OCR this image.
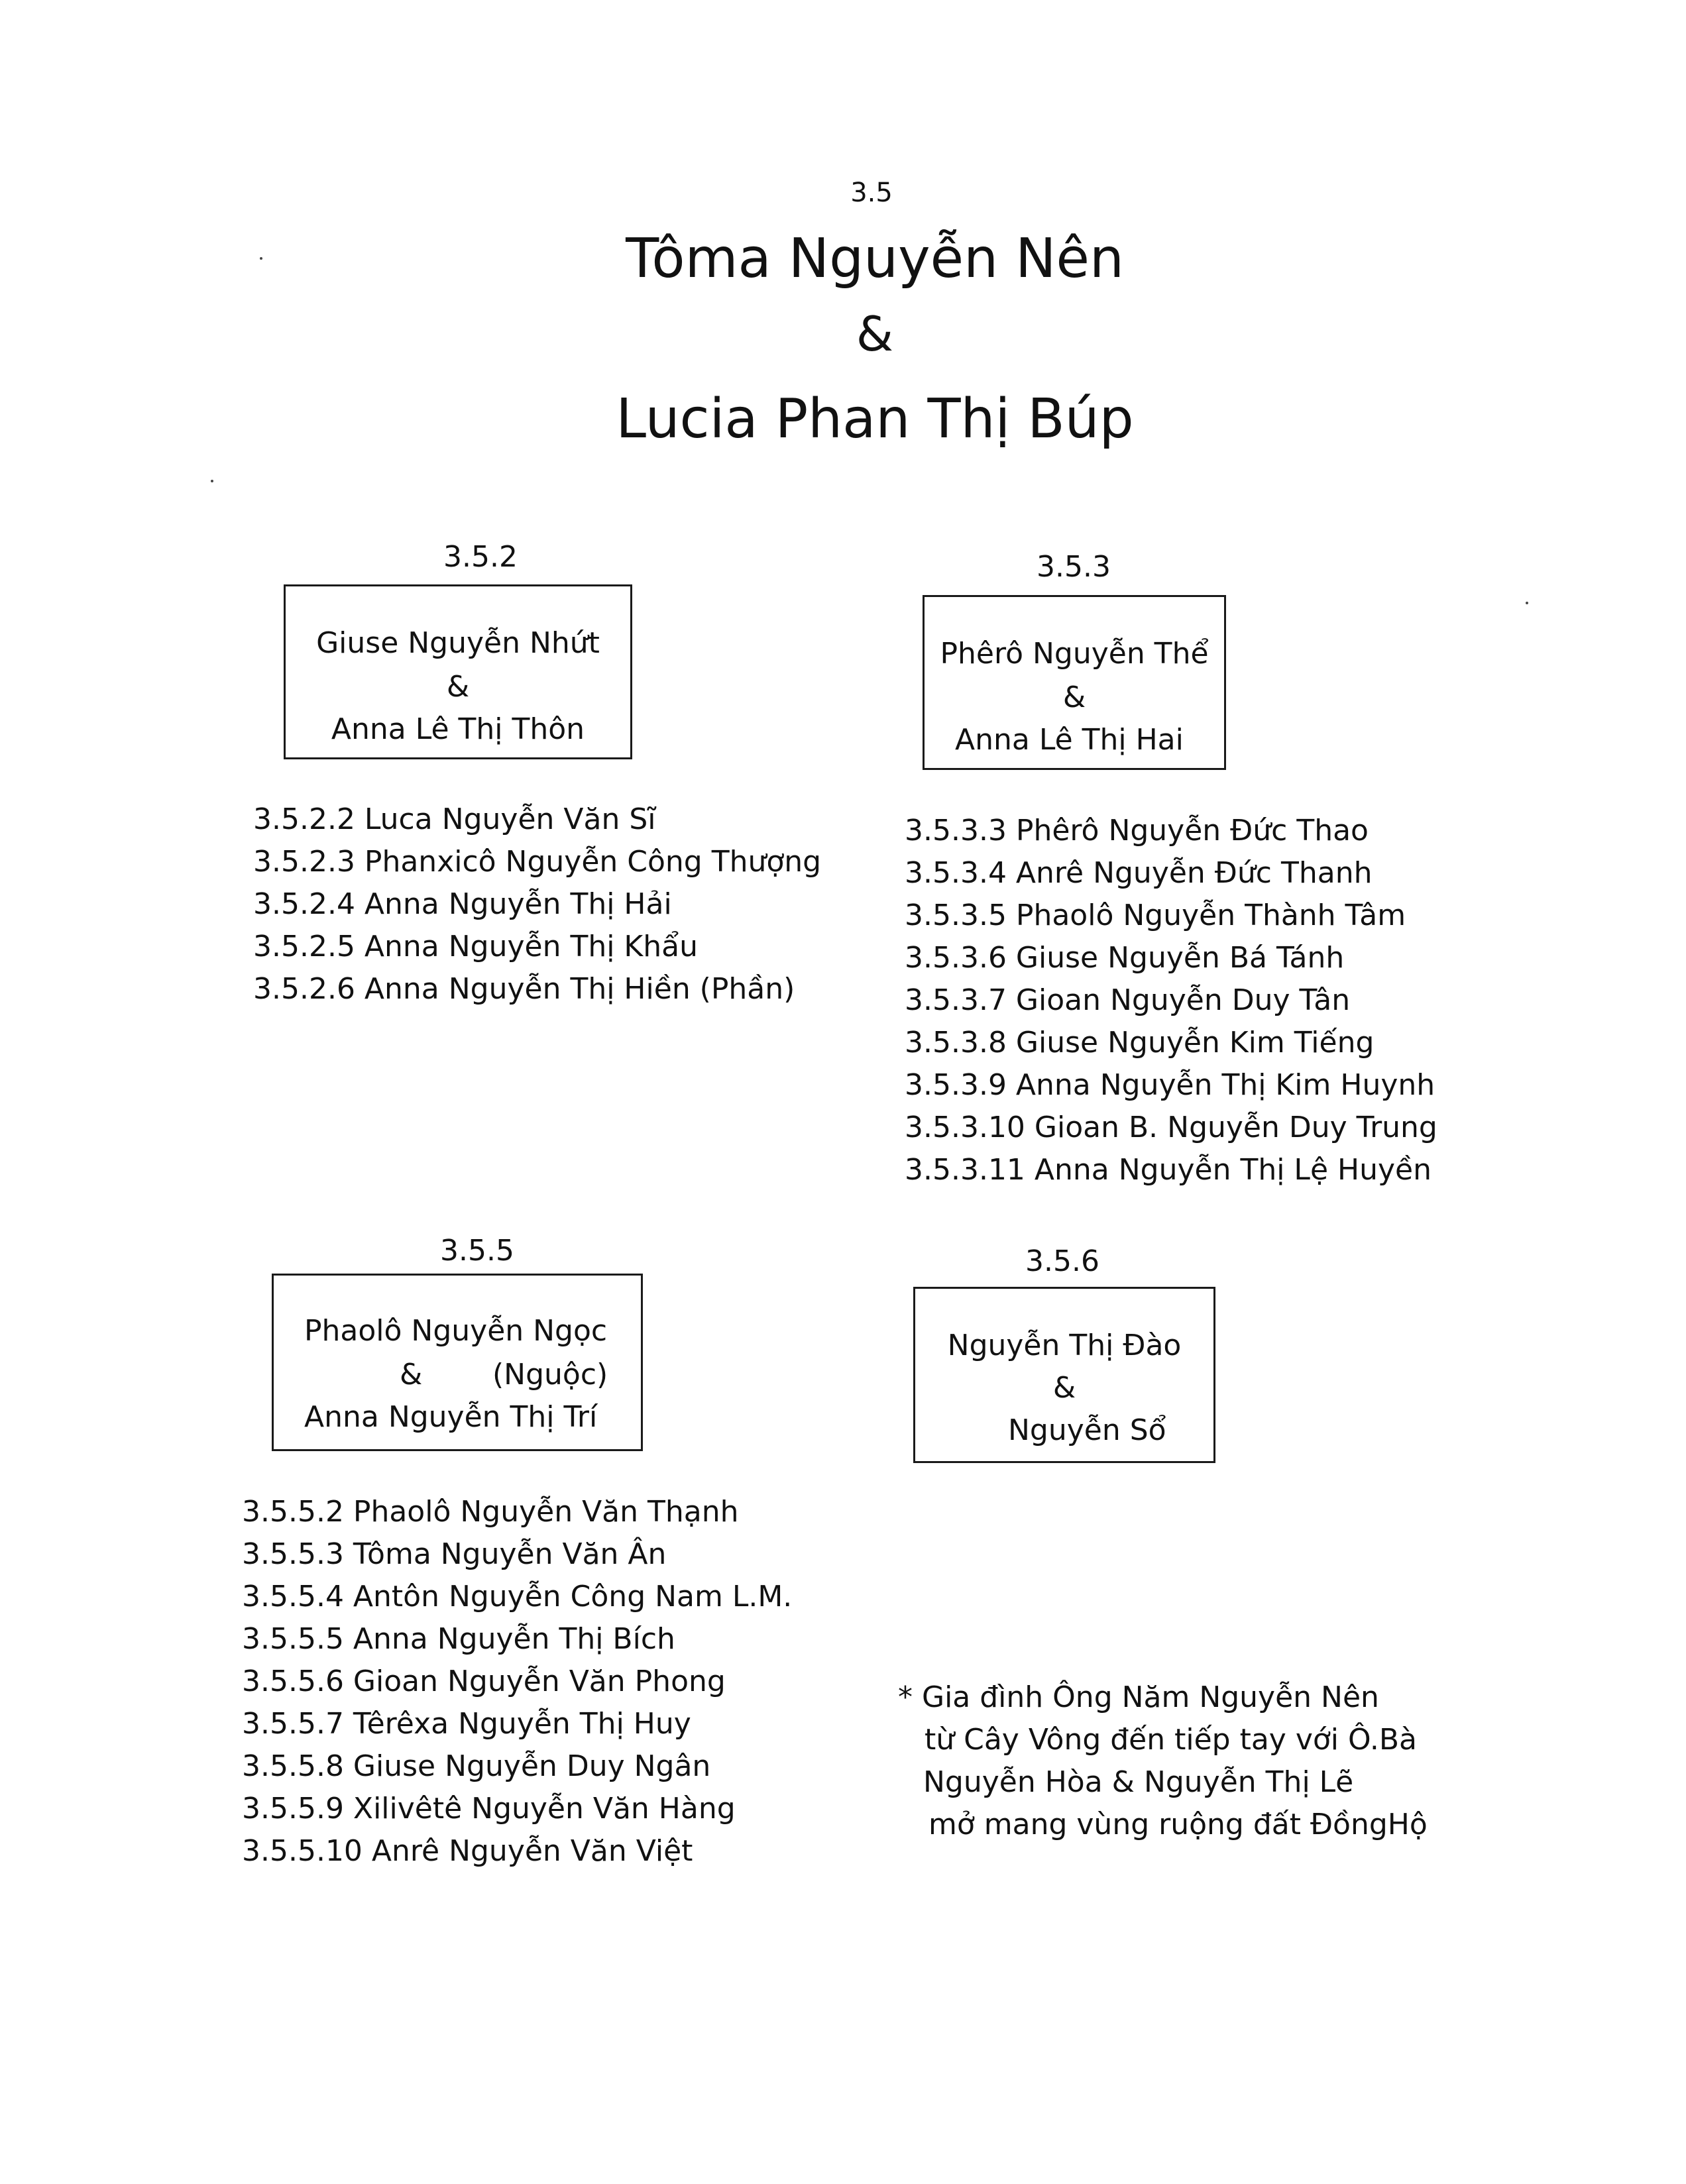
3.5
Tôma Nguyễn Nên
&
Lucia Phan Thị Búp
3.5.2
Giuse Nguyễn Nhứt
&
Anna Lê Thị Thôn
3.5.2.2 Luca Nguyễn Văn Sĩ
3.5.2.3 Phanxicô Nguyễn Công Thượng
3.5.2.4 Anna Nguyễn Thị Hải
3.5.2.5 Anna Nguyễn Thị Khẩu
3.5.2.6 Anna Nguyễn Thị Hiền (Phần)
3.5.3
Phêrô Nguyễn Thể
&
Anna Lê Thị Hai
3.5.3.3 Phêrô Nguyễn Đức Thao
3.5.3.4 Anrê Nguyễn Đức Thanh
3.5.3.5 Phaolô Nguyễn Thành Tâm
3.5.3.6 Giuse Nguyễn Bá Tánh
3.5.3.7 Gioan Nguyễn Duy Tân
3.5.3.8 Giuse Nguyễn Kim Tiếng
3.5.3.9 Anna Nguyễn Thị Kim Huynh
3.5.3.10 Gioan B. Nguyễn Duy Trung
3.5.3.11 Anna Nguyễn Thị Lệ Huyền
3.5.5
Phaolô Nguyễn Ngọc
&	(Nguộc)
Anna Nguyễn Thị Trí
3.5.5.2 Phaolô Nguyễn Văn Thạnh
3.5.5.3 Tôma Nguyễn Văn Ân
3.5.5.4 Antôn Nguyễn Công Nam L.M.
3.5.5.5 Anna Nguyễn Thị Bích
3.5.5.6 Gioan Nguyễn Văn Phong
3.5.5.7 Têrêxa Nguyễn Thị Huy
3.5.5.8 Giuse Nguyễn Duy Ngân
3.5.5.9 Xilivêtê Nguyễn Văn Hàng
3.5.5.10 Anrê Nguyễn Văn Việt
3.5.6
Nguyễn Thị Đào
&
Nguyễn Sổ
* Gia đình Ông Năm Nguyễn Nên
từ Cây Vông đến tiếp tay với Ô.Bà
Nguyễn Hòa & Nguyễn Thị Lẽ
mở mang vùng ruộng đất ĐồngHộ
